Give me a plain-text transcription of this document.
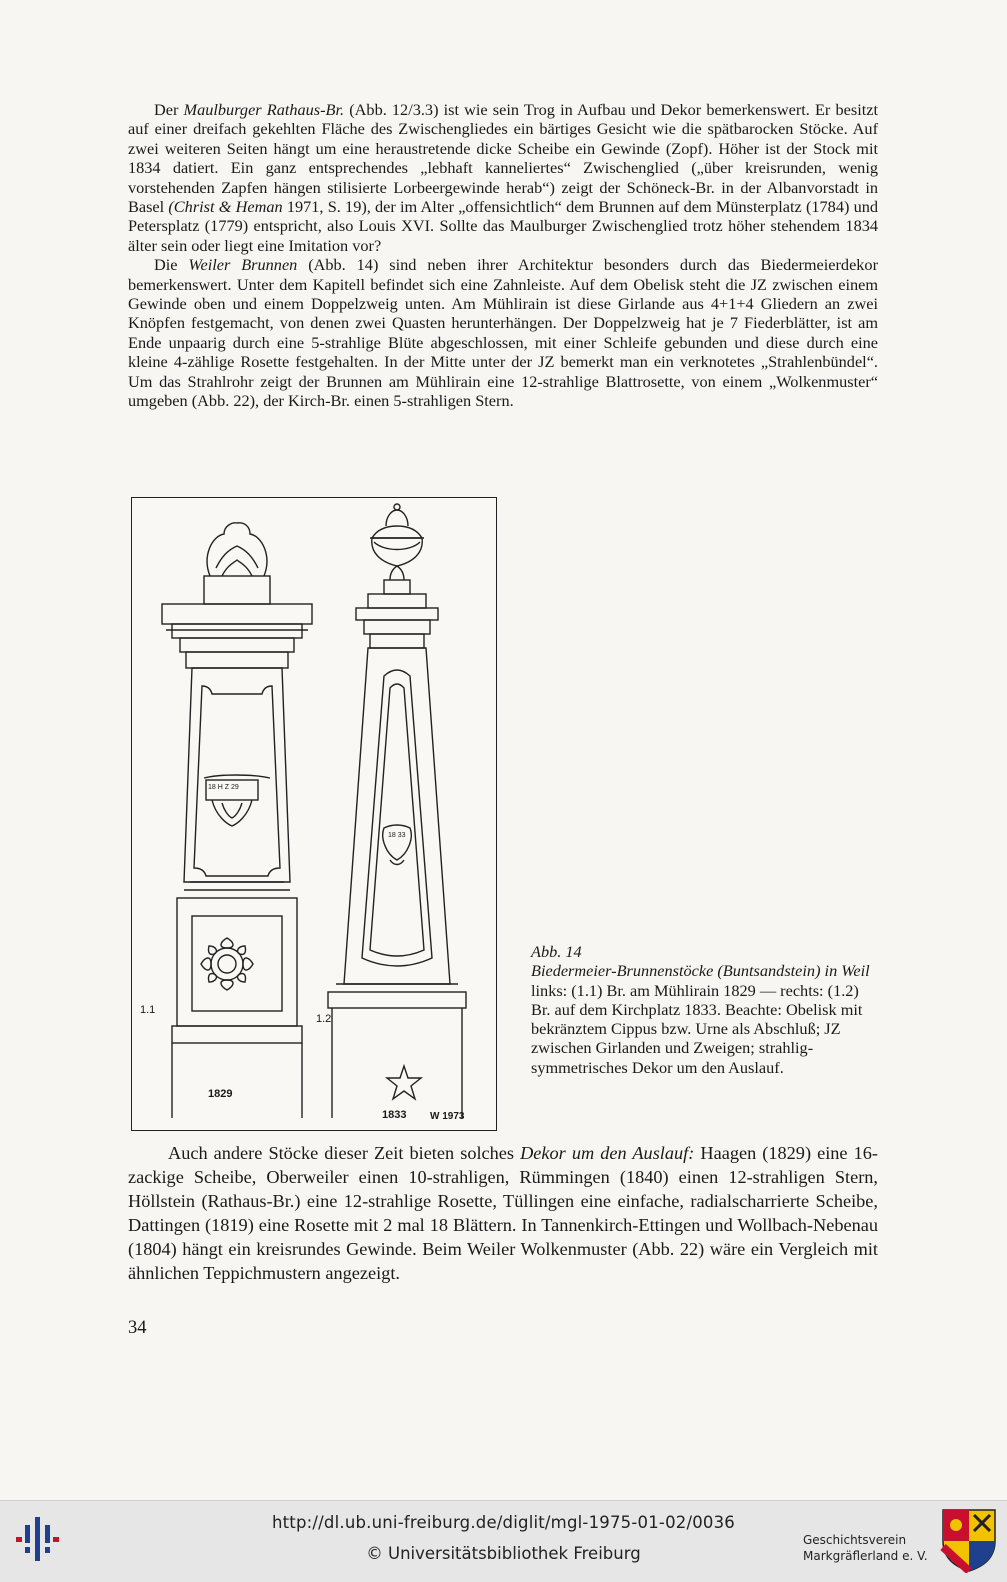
Der Maulburger Rathaus-Br. (Abb. 12/3.3) ist wie sein Trog in Aufbau und Dekor bemerkenswert. Er besitzt auf einer dreifach gekehlten Fläche des Zwischengliedes ein bärtiges Gesicht wie die spätbarocken Stöcke. Auf zwei weiteren Seiten hängt um eine heraustretende dicke Scheibe ein Gewinde (Zopf). Höher ist der Stock mit 1834 datiert. Ein ganz entsprechendes „lebhaft kanneliertes“ Zwischenglied („über kreisrunden, wenig vorstehenden Zapfen hängen stilisierte Lorbeergewinde herab“) zeigt der Schöneck-Br. in der Albanvorstadt in Basel (Christ & Heman 1971, S. 19), der im Alter „offensichtlich“ dem Brunnen auf dem Münsterplatz (1784) und Petersplatz (1779) entspricht, also Louis XVI. Sollte das Maulburger Zwischenglied trotz höher stehendem 1834 älter sein oder liegt eine Imitation vor?

Die Weiler Brunnen (Abb. 14) sind neben ihrer Architektur besonders durch das Biedermeierdekor bemerkenswert. Unter dem Kapitell befindet sich eine Zahnleiste. Auf dem Obelisk steht die JZ zwischen einem Gewinde oben und einem Doppelzweig unten. Am Mühlirain ist diese Girlande aus 4+1+4 Gliedern an zwei Knöpfen festgemacht, von denen zwei Quasten herunterhängen. Der Doppelzweig hat je 7 Fiederblätter, ist am Ende unpaarig durch eine 5-strahlige Blüte abgeschlossen, mit einer Schleife gebunden und diese durch eine kleine 4-zählige Rosette festgehalten. In der Mitte unter der JZ bemerkt man ein verknotetes „Strahlenbündel“. Um das Strahlrohr zeigt der Brunnen am Mühlirain eine 12-strahlige Blattrosette, von einem „Wolkenmuster“ umgeben (Abb. 22), der Kirch-Br. einen 5-strahligen Stern.

1.1
1.2
1829
1833 W 1973
18 H Z 29
18 33
Abb. 14
Biedermeier-Brunnenstöcke (Buntsandstein) in Weil links: (1.1) Br. am Mühlirain 1829 — rechts: (1.2) Br. auf dem Kirchplatz 1833. Beachte: Obelisk mit bekränztem Cippus bzw. Urne als Abschluß; JZ zwischen Girlanden und Zweigen; strahlig-symmetrisches Dekor um den Auslauf.

Auch andere Stöcke dieser Zeit bieten solches Dekor um den Auslauf: Haagen (1829) eine 16-zackige Scheibe, Oberweiler einen 10-strahligen, Rümmingen (1840) einen 12-strahligen Stern, Höllstein (Rathaus-Br.) eine 12-strahlige Rosette, Tüllingen eine einfache, radialscharrierte Scheibe, Dattingen (1819) eine Rosette mit 2 mal 18 Blättern. In Tannenkirch-Ettingen und Wollbach-Nebenau (1804) hängt ein kreisrundes Gewinde. Beim Weiler Wolkenmuster (Abb. 22) wäre ein Vergleich mit ähnlichen Teppichmustern angezeigt.

34
http://dl.ub.uni-freiburg.de/diglit/mgl-1975-01-02/0036
© Universitätsbibliothek Freiburg
Geschichtsverein
Markgräflerland e. V.
